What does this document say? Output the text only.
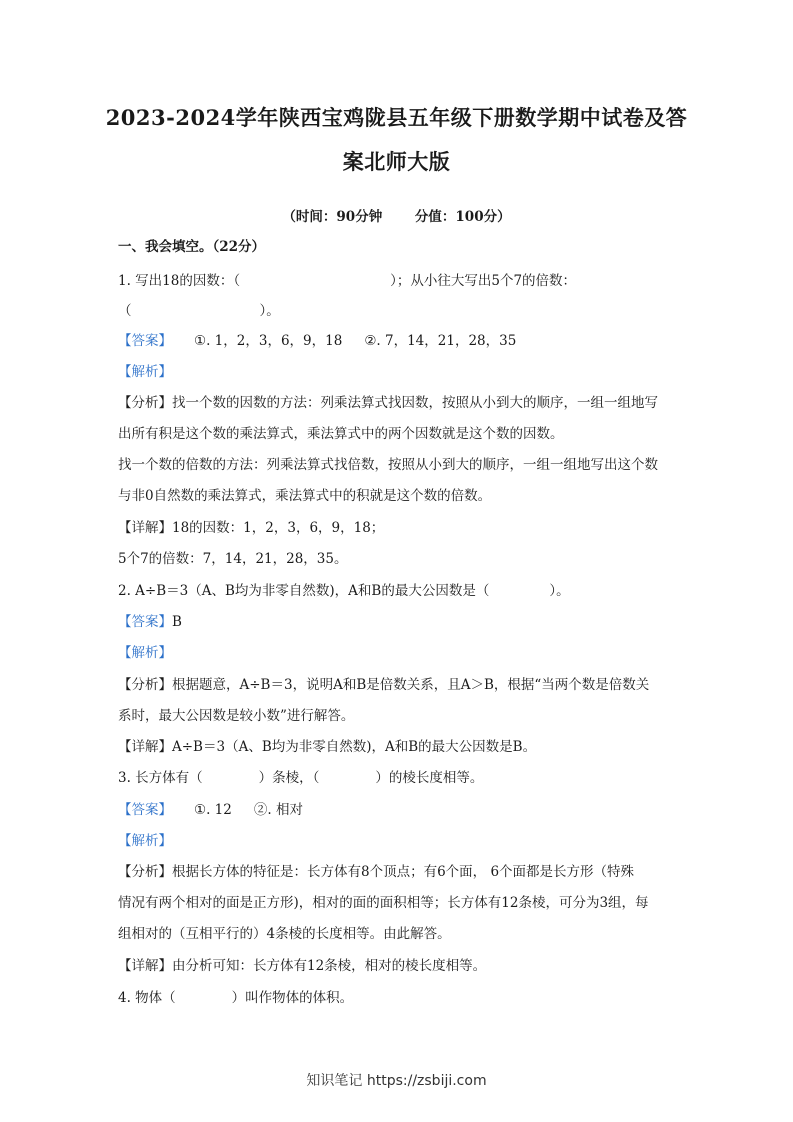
2023-2024学年陕西宝鸡陇县五年级下册数学期中试卷及答
案北师大版
（时间：90分钟 分值：100分）
一、我会填空。（22分）
1. 写出18的因数：（	）；从小往大写出5个7的倍数：
（	）。
【答案】 ①. 1，2，3，6，9，18 ②. 7，14，21，28，35
【解析】
【分析】找一个数的因数的方法：列乘法算式找因数，按照从小到大的顺序，一组一组地写
出所有积是这个数的乘法算式，乘法算式中的两个因数就是这个数的因数。
找一个数的倍数的方法：列乘法算式找倍数，按照从小到大的顺序，一组一组地写出这个数
与非0自然数的乘法算式，乘法算式中的积就是这个数的倍数。
【详解】18的因数：1，2，3，6，9，18；
5个7的倍数：7，14，21，28，35。
2. A÷B＝3（A、B均为非零自然数)，A和B的最大公因数是（	）。
【答案】B
【解析】
【分析】根据题意，A÷B＝3，说明A和B是倍数关系，且A＞B，根据“当两个数是倍数关
系时，最大公因数是较小数”进行解答。
【详解】A÷B＝3（A、B均为非零自然数)，A和B的最大公因数是B。
3. 长方体有（	）条棱，（	）的棱长度相等。
【答案】 ①. 12 ②. 相对
【解析】
【分析】根据长方体的特征是：长方体有8个顶点；有6个面， 6个面都是长方形（特殊
情况有两个相对的面是正方形)，相对的面的面积相等；长方体有12条棱，可分为3组，每
组相对的（互相平行的）4条棱的长度相等。由此解答。
【详解】由分析可知：长方体有12条棱，相对的棱长度相等。
4. 物体（	）叫作物体的体积。
知识笔记 https://zsbiji.com
